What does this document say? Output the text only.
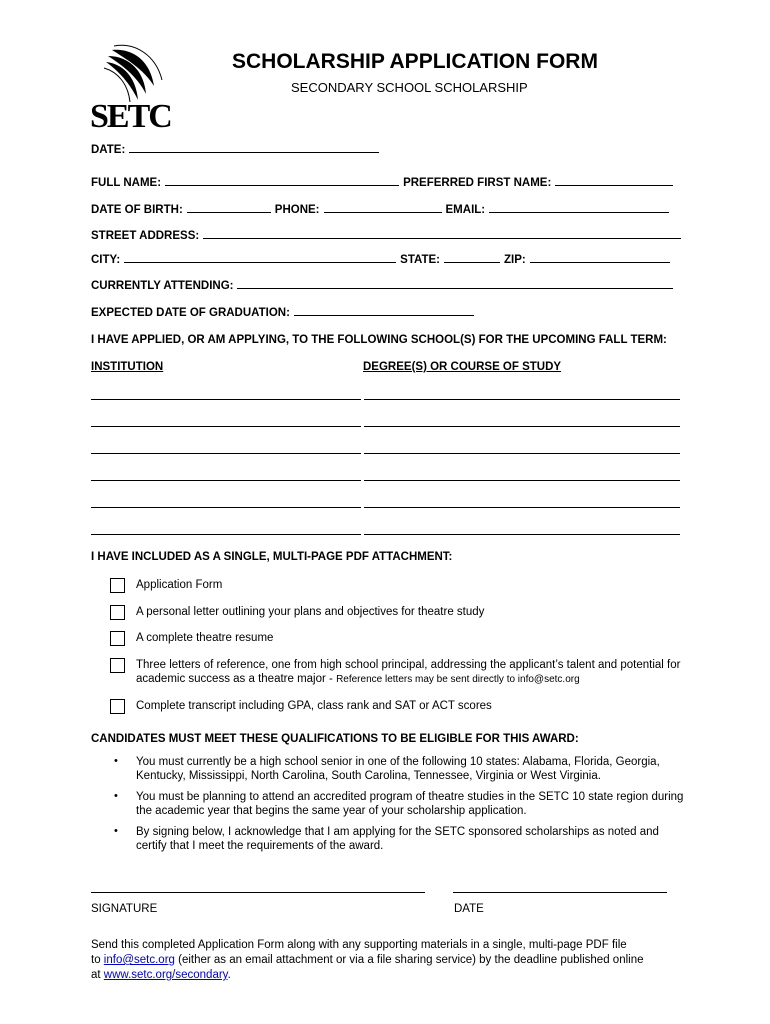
SETC
SCHOLARSHIP APPLICATION FORM
SECONDARY SCHOOL SCHOLARSHIP
DATE:
FULL NAME:	PREFERRED FIRST NAME:
DATE OF BIRTH:	PHONE:	EMAIL:
STREET ADDRESS:
CITY:	STATE:	ZIP:
CURRENTLY ATTENDING:
EXPECTED DATE OF GRADUATION:
I HAVE APPLIED, OR AM APPLYING, TO THE FOLLOWING SCHOOL(S) FOR THE UPCOMING FALL TERM:
INSTITUTION	DEGREE(S) OR COURSE OF STUDY
I HAVE INCLUDED AS A SINGLE, MULTI-PAGE PDF ATTACHMENT:
Application Form
A personal letter outlining your plans and objectives for theatre study
A complete theatre resume
Three letters of reference, one from high school principal, addressing the applicant’s talent and potential for
academic success as a theatre major - Reference letters may be sent directly to info@setc.org
Complete transcript including GPA, class rank and SAT or ACT scores
CANDIDATES MUST MEET THESE QUALIFICATIONS TO BE ELIGIBLE FOR THIS AWARD:
• You must currently be a high school senior in one of the following 10 states: Alabama, Florida, Georgia,
Kentucky, Mississippi, North Carolina, South Carolina, Tennessee, Virginia or West Virginia.
• You must be planning to attend an accredited program of theatre studies in the SETC 10 state region during
the academic year that begins the same year of your scholarship application.
• By signing below, I acknowledge that I am applying for the SETC sponsored scholarships as noted and
certify that I meet the requirements of the award.
SIGNATURE	DATE
Send this completed Application Form along with any supporting materials in a single, multi-page PDF file
to info@setc.org (either as an email attachment or via a file sharing service) by the deadline published online
at www.setc.org/secondary.
